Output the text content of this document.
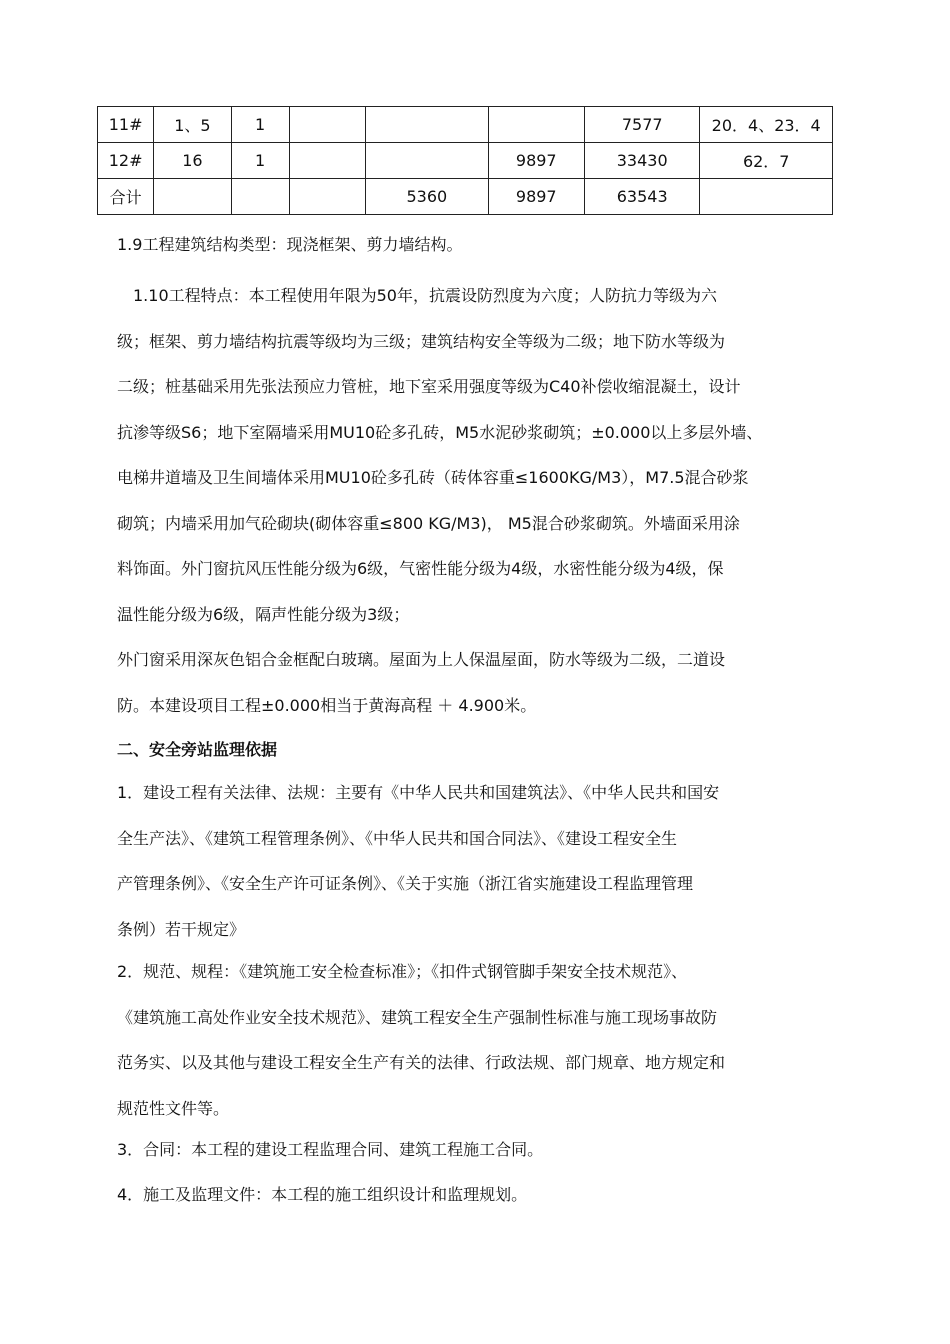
11#	1、5	1				7577	20．4、23．4
12#	16	1			9897	33430	62．7
合计				5360	9897	63543	
1.9工程建筑结构类型：现浇框架、剪力墙结构。
　1.10工程特点：本工程使用年限为50年，抗震设防烈度为六度；人防抗力等级为六
级；框架、剪力墙结构抗震等级均为三级；建筑结构安全等级为二级；地下防水等级为
二级；桩基础采用先张法预应力管桩，地下室采用强度等级为C40补偿收缩混凝土，设计
抗渗等级S6；地下室隔墙采用MU10砼多孔砖，M5水泥砂浆砌筑；±0.000以上多层外墙、
电梯井道墙及卫生间墙体采用MU10砼多孔砖（砖体容重≤1600KG/M3），M7.5混合砂浆
砌筑；内墙采用加气砼砌块(砌体容重≤800 KG/M3)， M5混合砂浆砌筑。外墙面采用涂
料饰面。外门窗抗风压性能分级为6级，气密性能分级为4级，水密性能分级为4级，保
温性能分级为6级，隔声性能分级为3级；
外门窗采用深灰色铝合金框配白玻璃。屋面为上人保温屋面，防水等级为二级，二道设
防。本建设项目工程±0.000相当于黄海高程 ＋ 4.900米。
二、安全旁站监理依据
1．建设工程有关法律、法规：主要有《中华人民共和国建筑法》、《中华人民共和国安
全生产法》、《建筑工程管理条例》、《中华人民共和国合同法》、《建设工程安全生
产管理条例》、《安全生产许可证条例》、《关于实施（浙江省实施建设工程监理管理
条例）若干规定》
2．规范、规程：《建筑施工安全检查标准》；《扣件式钢管脚手架安全技术规范》、
《建筑施工高处作业安全技术规范》、建筑工程安全生产强制性标准与施工现场事故防
范务实、以及其他与建设工程安全生产有关的法律、行政法规、部门规章、地方规定和
规范性文件等。
3．合同：本工程的建设工程监理合同、建筑工程施工合同。
4．施工及监理文件：本工程的施工组织设计和监理规划。
